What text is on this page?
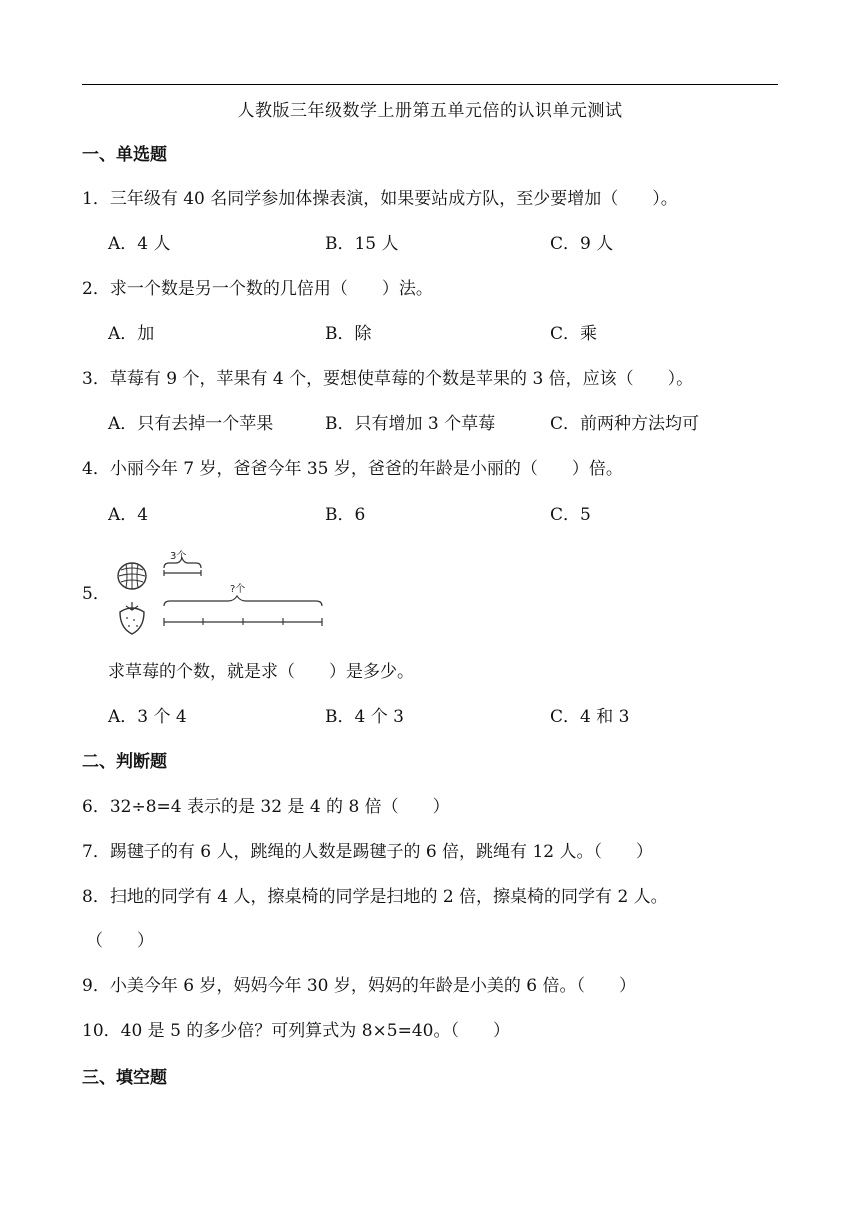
人教版三年级数学上册第五单元倍的认识单元测试
一、单选题
1．三年级有 40 名同学参加体操表演，如果要站成方队，至少要增加（　　）。
A．4 人	B．15 人	C．9 人
2．求一个数是另一个数的几倍用（　　）法。
A．加	B．除	C．乘
3．草莓有 9 个，苹果有 4 个，要想使草莓的个数是苹果的 3 倍，应该（　　）。
A．只有去掉一个苹果	B．只有增加 3 个草莓	C．前两种方法均可
4．小丽今年 7 岁，爸爸今年 35 岁，爸爸的年龄是小丽的（　　）倍。
A．4	B．6	C．5
5．
3个
?个
求草莓的个数，就是求（　　）是多少。
A．3 个 4	B．4 个 3	C．4 和 3
二、判断题
6．32÷8=4 表示的是 32 是 4 的 8 倍（　　）
7．踢毽子的有 6 人，跳绳的人数是踢毽子的 6 倍，跳绳有 12 人。（　　）
8．扫地的同学有 4 人，擦桌椅的同学是扫地的 2 倍，擦桌椅的同学有 2 人。
（　　）
9．小美今年 6 岁，妈妈今年 30 岁，妈妈的年龄是小美的 6 倍。（　　）
10．40 是 5 的多少倍？可列算式为 8×5=40。（　　）
三、填空题
